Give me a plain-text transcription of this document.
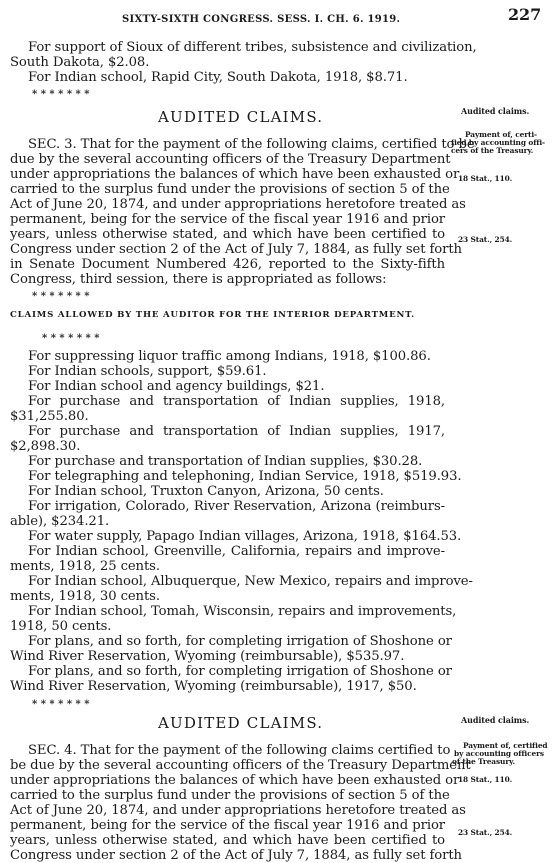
SIXTY-SIXTH CONGRESS. SESS. I. CH. 6. 1919.	227
For support of Sioux of different tribes, subsistence and civilization,
South Dakota, $2.08.
For Indian school, Rapid City, South Dakota, 1918, $8.71.
* * * * * * *
AUDITED CLAIMS.	Audited claims.
Payment of, certi-
fied by accounting offi-
cers of the Treasury.
18 Stat., 110.
23 Stat., 254.
SEC. 3. That for the payment of the following claims, certified to be
due by the several accounting officers of the Treasury Department
under appropriations the balances of which have been exhausted or
carried to the surplus fund under the provisions of section 5 of the
Act of June 20, 1874, and under appropriations heretofore treated as
permanent, being for the service of the fiscal year 1916 and prior
years, unless otherwise stated, and which have been certified to
Congress under section 2 of the Act of July 7, 1884, as fully set forth
in Senate Document Numbered 426, reported to the Sixty-fifth
Congress, third session, there is appropriated as follows:
* * * * * * *
CLAIMS ALLOWED BY THE AUDITOR FOR THE INTERIOR DEPARTMENT.
* * * * * * *
For suppressing liquor traffic among Indians, 1918, $100.86.
For Indian schools, support, $59.61.
For Indian school and agency buildings, $21.
For purchase and transportation of Indian supplies, 1918,
$31,255.80.
For purchase and transportation of Indian supplies, 1917,
$2,898.30.
For purchase and transportation of Indian supplies, $30.28.
For telegraphing and telephoning, Indian Service, 1918, $519.93.
For Indian school, Truxton Canyon, Arizona, 50 cents.
For irrigation, Colorado, River Reservation, Arizona (reimburs-
able), $234.21.
For water supply, Papago Indian villages, Arizona, 1918, $164.53.
For Indian school, Greenville, California, repairs and improve-
ments, 1918, 25 cents.
For Indian school, Albuquerque, New Mexico, repairs and improve-
ments, 1918, 30 cents.
For Indian school, Tomah, Wisconsin, repairs and improvements,
1918, 50 cents.
For plans, and so forth, for completing irrigation of Shoshone or
Wind River Reservation, Wyoming (reimbursable), $535.97.
For plans, and so forth, for completing irrigation of Shoshone or
Wind River Reservation, Wyoming (reimbursable), 1917, $50.
* * * * * * *
AUDITED CLAIMS.	Audited claims.
Payment of, certified
by accounting officers
of the Treasury.
18 Stat., 110.
23 Stat., 254.
SEC. 4. That for the payment of the following claims certified to
be due by the several accounting officers of the Treasury Department
under appropriations the balances of which have been exhausted or
carried to the surplus fund under the provisions of section 5 of the
Act of June 20, 1874, and under appropriations heretofore treated as
permanent, being for the service of the fiscal year 1916 and prior
years, unless otherwise stated, and which have been certified to
Congress under section 2 of the Act of July 7, 1884, as fully set forth
